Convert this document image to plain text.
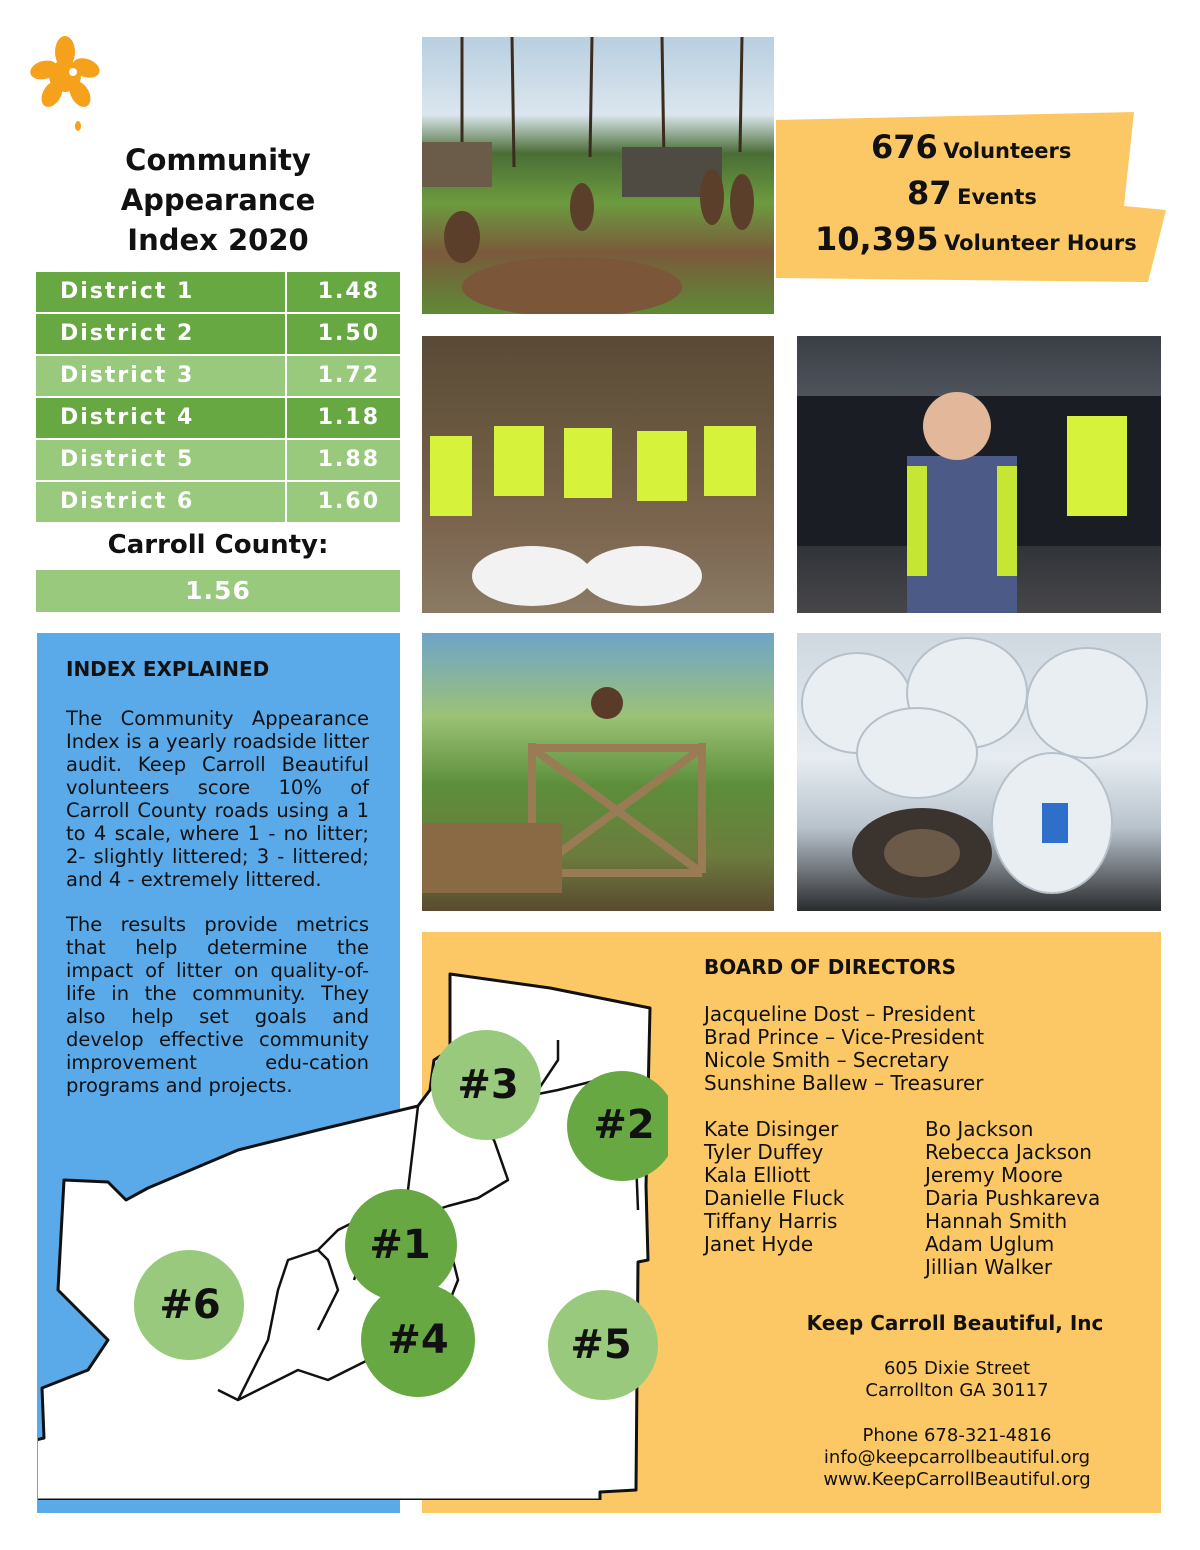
Community
Appearance
Index 2020
District 1	1.48
District 2	1.50
District 3	1.72
District 4	1.18
District 5	1.88
District 6	1.60
Carroll County:
1.56
676 Volunteers
87 Events
10,395 Volunteer Hours
INDEX EXPLAINED
The Community Appearance Index is a yearly roadside litter audit. Keep Carroll Beautiful volunteers score 10% of Carroll County roads using a 1 to 4 scale, where 1 - no litter; 2- slightly littered; 3 - littered; and 4 - extremely littered.
The results provide metrics that help determine the impact of litter on quality-of-life in the community. They also help set goals and develop effective community improvement edu-cation programs and projects.
#1
#2
#3
#4	#5
#6
BOARD OF DIRECTORS
Jacqueline Dost – President
Brad Prince – Vice-President
Nicole Smith – Secretary
Sunshine Ballew – Treasurer
Kate Disinger
Tyler Duffey
Kala Elliott
Danielle Fluck
Tiffany Harris
Janet Hyde
Bo Jackson
Rebecca Jackson
Jeremy Moore
Daria Pushkareva
Hannah Smith
Adam Uglum
Jillian Walker
Keep Carroll Beautiful, Inc
605 Dixie Street
Carrollton GA 30117
Phone 678-321-4816
info@keepcarrollbeautiful.org
www.KeepCarrollBeautiful.org
